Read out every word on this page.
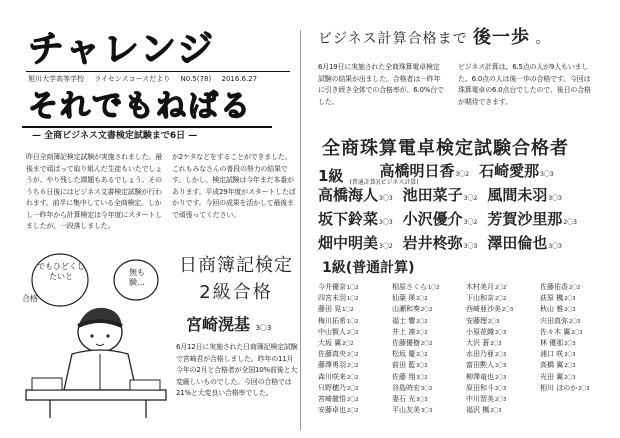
チャレンジ
旭川大学高等学校 ライセンスコースだより N0.5(78) 2016.6.27
それでもねばる
— 全商ビジネス文書検定試験まで6日 —
昨日全商簿記検定試験が実施されました。最後まで頑ばって取り組んだ生徒もいたでしょうが、やり残した課題もあるでしょう。そのうち６日後にはビジネス文書検定試験が行われます。前半に集中している全商検定。しかし一昨年から計算検定は今年度にスタートしましたが、一段落しました。
が2ケタなどをすることができました。これもみなさんの普段の努力の結果です。しかし、検定試験は今年まだ本番があります。平成29年度がスタートしたばかりです。今回の成果を活かして最後まで頑張ってください。
でもひどくしたいと
合格
無も 験…
日商簿記検定
2級合格
宮崎滉基 3〇3
6月12日に実施された日商簿記検定試験で宮崎君が合格しました。昨年の11月 今年の2月と合格者が全国10%前後と大変厳しいものでした。今回の合格では21%と大変良い合格率でした。
ビジネス計算合格まで 後一歩 。
6月19日に実施された全商珠算電卓検定試験の結果が出ました。合格者は一昨年に引き続き全体での合格率が、6.0%台でした。
ビジネス計算は、6.5点の人が9人もいました。6.0点の人は後一歩の合格です。今回は珠算電卓の6.0点台でしたので、後日の合格が期待できます。
全商珠算電卓検定試験合格者
1級 (普通計算)(ビジネス計算)
高橋明日香3〇2 石崎愛那3〇3
高橋海人3〇3 池田菜子3〇2 風間未羽3〇3
坂下鈴菜3〇3 小沢優介3〇2 芳賀沙里那2〇3
畑中明美3〇2 岩井柊弥3〇3 澤田倫也3〇3
1級(普通計算)
今井優奈1〇2	相原さくら1〇2	木村美月2〇2	佐藤佑香2〇2
四宮未羽1〇2	仙葉 瑛2〇2	下山和奈2〇2	荻原 楓2〇3
藤田 晃1〇2	山瀬和奏2〇2	西崎亜沙美2〇3	秋山 雅2〇3
梅川拓希1〇2	福士 響2〇2	安藤理2〇3	宍田真弥2〇3
中山賢人2〇2	井上 凛2〇2	小原花織2〇3	佐々木 翼2〇3
大坂 翼2〇2	佐藤優樹2〇2	大沢 蒼2〇3	林 優那2〇3
佐藤真央2〇2	松坂 慶2〇2	水田乃亜2〇3	浦口 咲2〇3
藤澤勇羽2〇2	前田 藍3〇2	富田勲人2〇3	高橋 翼2〇3
森川咲来2〇2	佐藤 翔3〇2	柳澤竜也2〇3	光田 翼2〇3
只野穂乃2〇2	谷島時宏3〇2	原田和斗2〇3	相川 ほのか2〇3
宮崎龍悟2〇2	妻石 光3〇3	中川智美2〇3
安藤卓也2〇2	平山友美3〇3	福沢 楓2〇3
